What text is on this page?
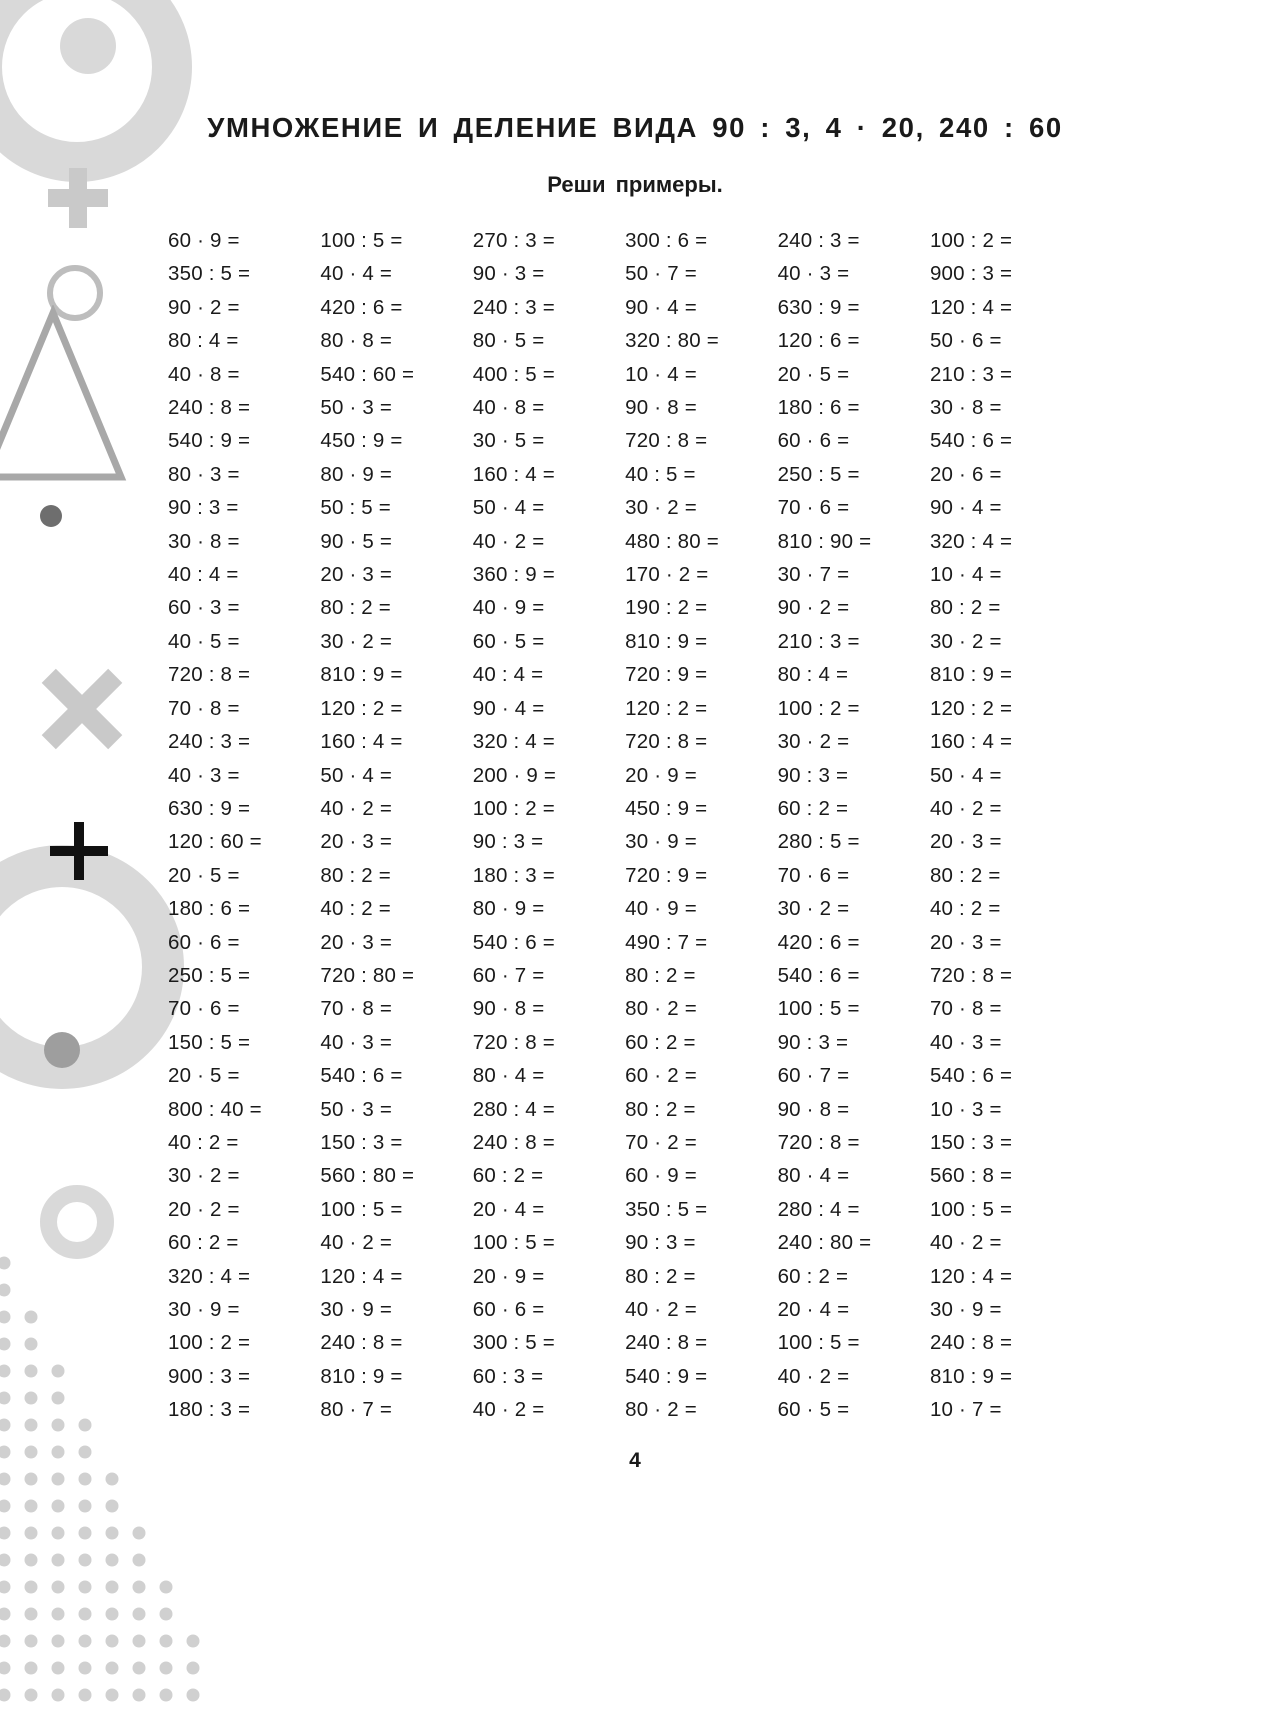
УМНОЖЕНИЕ И ДЕЛЕНИЕ ВИДА 90 : 3, 4 · 20, 240 : 60
Реши примеры.
60 · 9 =
350 : 5 =
90 · 2 =
80 : 4 =
40 · 8 =
240 : 8 =
540 : 9 =
80 · 3 =
90 : 3 =
30 · 8 =
40 : 4 =
60 · 3 =
40 · 5 =
720 : 8 =
70 · 8 =
240 : 3 =
40 · 3 =
630 : 9 =
120 : 60 =
20 · 5 =
180 : 6 =
60 · 6 =
250 : 5 =
70 · 6 =
150 : 5 =
20 · 5 =
800 : 40 =
40 : 2 =
30 · 2 =
20 · 2 =
60 : 2 =
320 : 4 =
30 · 9 =
100 : 2 =
900 : 3 =
180 : 3 =
100 : 5 =
40 · 4 =
420 : 6 =
80 · 8 =
540 : 60 =
50 · 3 =
450 : 9 =
80 · 9 =
50 : 5 =
90 · 5 =
20 · 3 =
80 : 2 =
30 · 2 =
810 : 9 =
120 : 2 =
160 : 4 =
50 · 4 =
40 · 2 =
20 · 3 =
80 : 2 =
40 : 2 =
20 · 3 =
720 : 80 =
70 · 8 =
40 · 3 =
540 : 6 =
50 · 3 =
150 : 3 =
560 : 80 =
100 : 5 =
40 · 2 =
120 : 4 =
30 · 9 =
240 : 8 =
810 : 9 =
80 · 7 =
270 : 3 =
90 · 3 =
240 : 3 =
80 · 5 =
400 : 5 =
40 · 8 =
30 · 5 =
160 : 4 =
50 · 4 =
40 · 2 =
360 : 9 =
40 · 9 =
60 · 5 =
40 : 4 =
90 · 4 =
320 : 4 =
200 · 9 =
100 : 2 =
90 : 3 =
180 : 3 =
80 · 9 =
540 : 6 =
60 · 7 =
90 · 8 =
720 : 8 =
80 · 4 =
280 : 4 =
240 : 8 =
60 : 2 =
20 · 4 =
100 : 5 =
20 · 9 =
60 · 6 =
300 : 5 =
60 : 3 =
40 · 2 =
300 : 6 =
50 · 7 =
90 · 4 =
320 : 80 =
10 · 4 =
90 · 8 =
720 : 8 =
40 : 5 =
30 · 2 =
480 : 80 =
170 · 2 =
190 : 2 =
810 : 9 =
720 : 9 =
120 : 2 =
720 : 8 =
20 · 9 =
450 : 9 =
30 · 9 =
720 : 9 =
40 · 9 =
490 : 7 =
80 : 2 =
80 · 2 =
60 : 2 =
60 · 2 =
80 : 2 =
70 · 2 =
60 · 9 =
350 : 5 =
90 : 3 =
80 : 2 =
40 · 2 =
240 : 8 =
540 : 9 =
80 · 2 =
240 : 3 =
40 · 3 =
630 : 9 =
120 : 6 =
20 · 5 =
180 : 6 =
60 · 6 =
250 : 5 =
70 · 6 =
810 : 90 =
30 · 7 =
90 · 2 =
210 : 3 =
80 : 4 =
100 : 2 =
30 · 2 =
90 : 3 =
60 : 2 =
280 : 5 =
70 · 6 =
30 · 2 =
420 : 6 =
540 : 6 =
100 : 5 =
90 : 3 =
60 · 7 =
90 · 8 =
720 : 8 =
80 · 4 =
280 : 4 =
240 : 80 =
60 : 2 =
20 · 4 =
100 : 5 =
40 · 2 =
60 · 5 =
100 : 2 =
900 : 3 =
120 : 4 =
50 · 6 =
210 : 3 =
30 · 8 =
540 : 6 =
20 · 6 =
90 · 4 =
320 : 4 =
10 · 4 =
80 : 2 =
30 · 2 =
810 : 9 =
120 : 2 =
160 : 4 =
50 · 4 =
40 · 2 =
20 · 3 =
80 : 2 =
40 : 2 =
20 · 3 =
720 : 8 =
70 · 8 =
40 · 3 =
540 : 6 =
10 · 3 =
150 : 3 =
560 : 8 =
100 : 5 =
40 · 2 =
120 : 4 =
30 · 9 =
240 : 8 =
810 : 9 =
10 · 7 =
4
